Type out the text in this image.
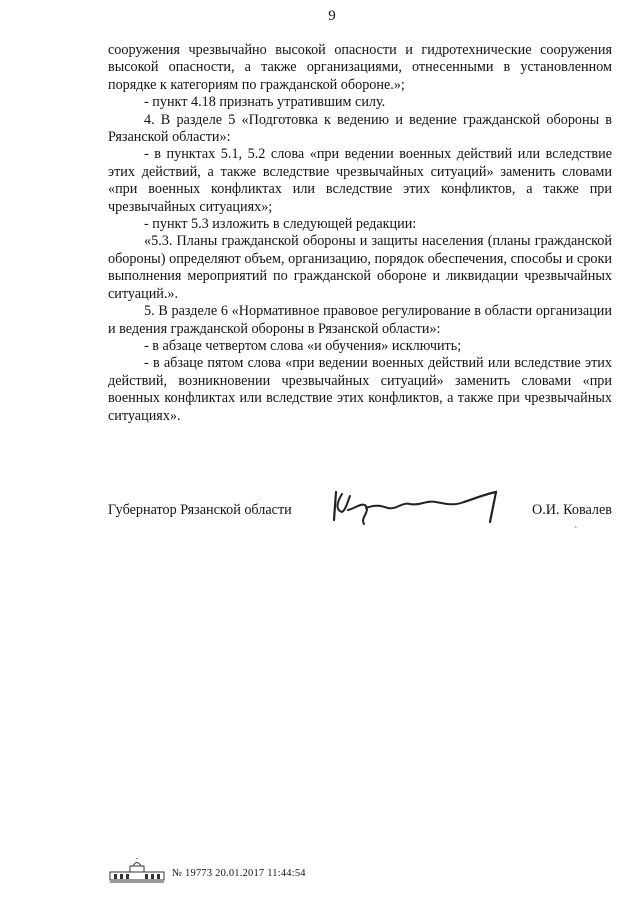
9

сооружения чрезвычайно высокой опасности и гидротехнические сооружения высокой опасности, а также организациями, отнесенными в установленном порядке к категориям по гражданской обороне.»;

- пункт 4.18 признать утратившим силу.

4. В разделе 5 «Подготовка к ведению и ведение гражданской обороны в Рязанской области»:

- в пунктах 5.1, 5.2 слова «при ведении военных действий или вследствие этих действий, а также вследствие чрезвычайных ситуаций» заменить словами «при военных конфликтах или вследствие этих конфликтов, а также при чрезвычайных ситуациях»;

- пункт 5.3 изложить в следующей редакции:

«5.3. Планы гражданской обороны и защиты населения (планы гражданской обороны) определяют объем, организацию, порядок обеспечения, способы и сроки выполнения мероприятий по гражданской обороне и ликвидации чрезвычайных ситуаций.».

5. В разделе 6 «Нормативное правовое регулирование в области организации и ведения гражданской обороны в Рязанской области»:

- в абзаце четвертом слова «и обучения» исключить;

- в абзаце пятом слова «при ведении военных действий или вследствие этих действий, возникновении чрезвычайных ситуаций» заменить словами «при военных конфликтах или вследствие этих конфликтов, а также при чрезвычайных ситуациях».

Губернатор Рязанской области	О.И. Ковалев
`
№ 19773 20.01.2017 11:44:54
